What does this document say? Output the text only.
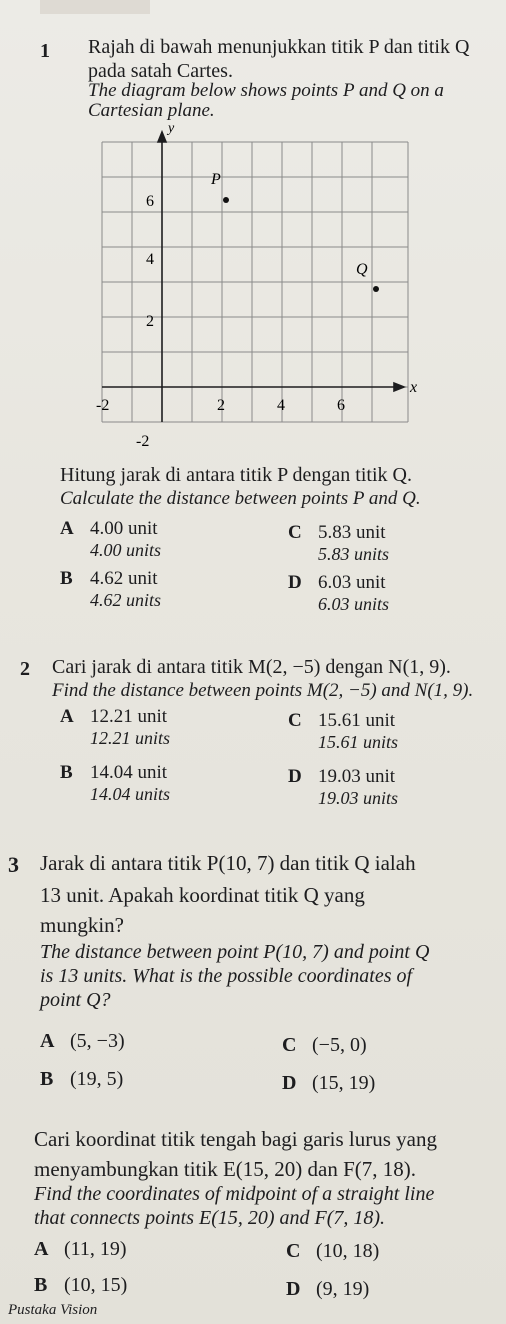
1 Rajah di bawah menunjukkan titik P dan titik Q
pada satah Cartes.
The diagram below shows points P and Q on a
Cartesian plane.
y
x
6
4
2
-2
-2	2	4	6
P
Q
Hitung jarak di antara titik P dengan titik Q.
Calculate the distance between points P and Q.
A 4.00 unit
4.00 units
B 4.62 unit
4.62 units
C 5.83 unit
5.83 units
D 6.03 unit
6.03 units
2 Cari jarak di antara titik M(2, −5) dengan N(1, 9).
Find the distance between points M(2, −5) and N(1, 9).
A 12.21 unit
12.21 units
B 14.04 unit
14.04 units
C 15.61 unit
15.61 units
D 19.03 unit
19.03 units
3 Jarak di antara titik P(10, 7) dan titik Q ialah
13 unit. Apakah koordinat titik Q yang
mungkin?
The distance between point P(10, 7) and point Q
is 13 units. What is the possible coordinates of
point Q?
A (5, −3)
B (19, 5)
C (−5, 0)
D (15, 19)
Cari koordinat titik tengah bagi garis lurus yang
menyambungkan titik E(15, 20) dan F(7, 18).
Find the coordinates of midpoint of a straight line
that connects points E(15, 20) and F(7, 18).
A (11, 19)
B (10, 15)
C (10, 18)
D (9, 19)
Pustaka Vision
